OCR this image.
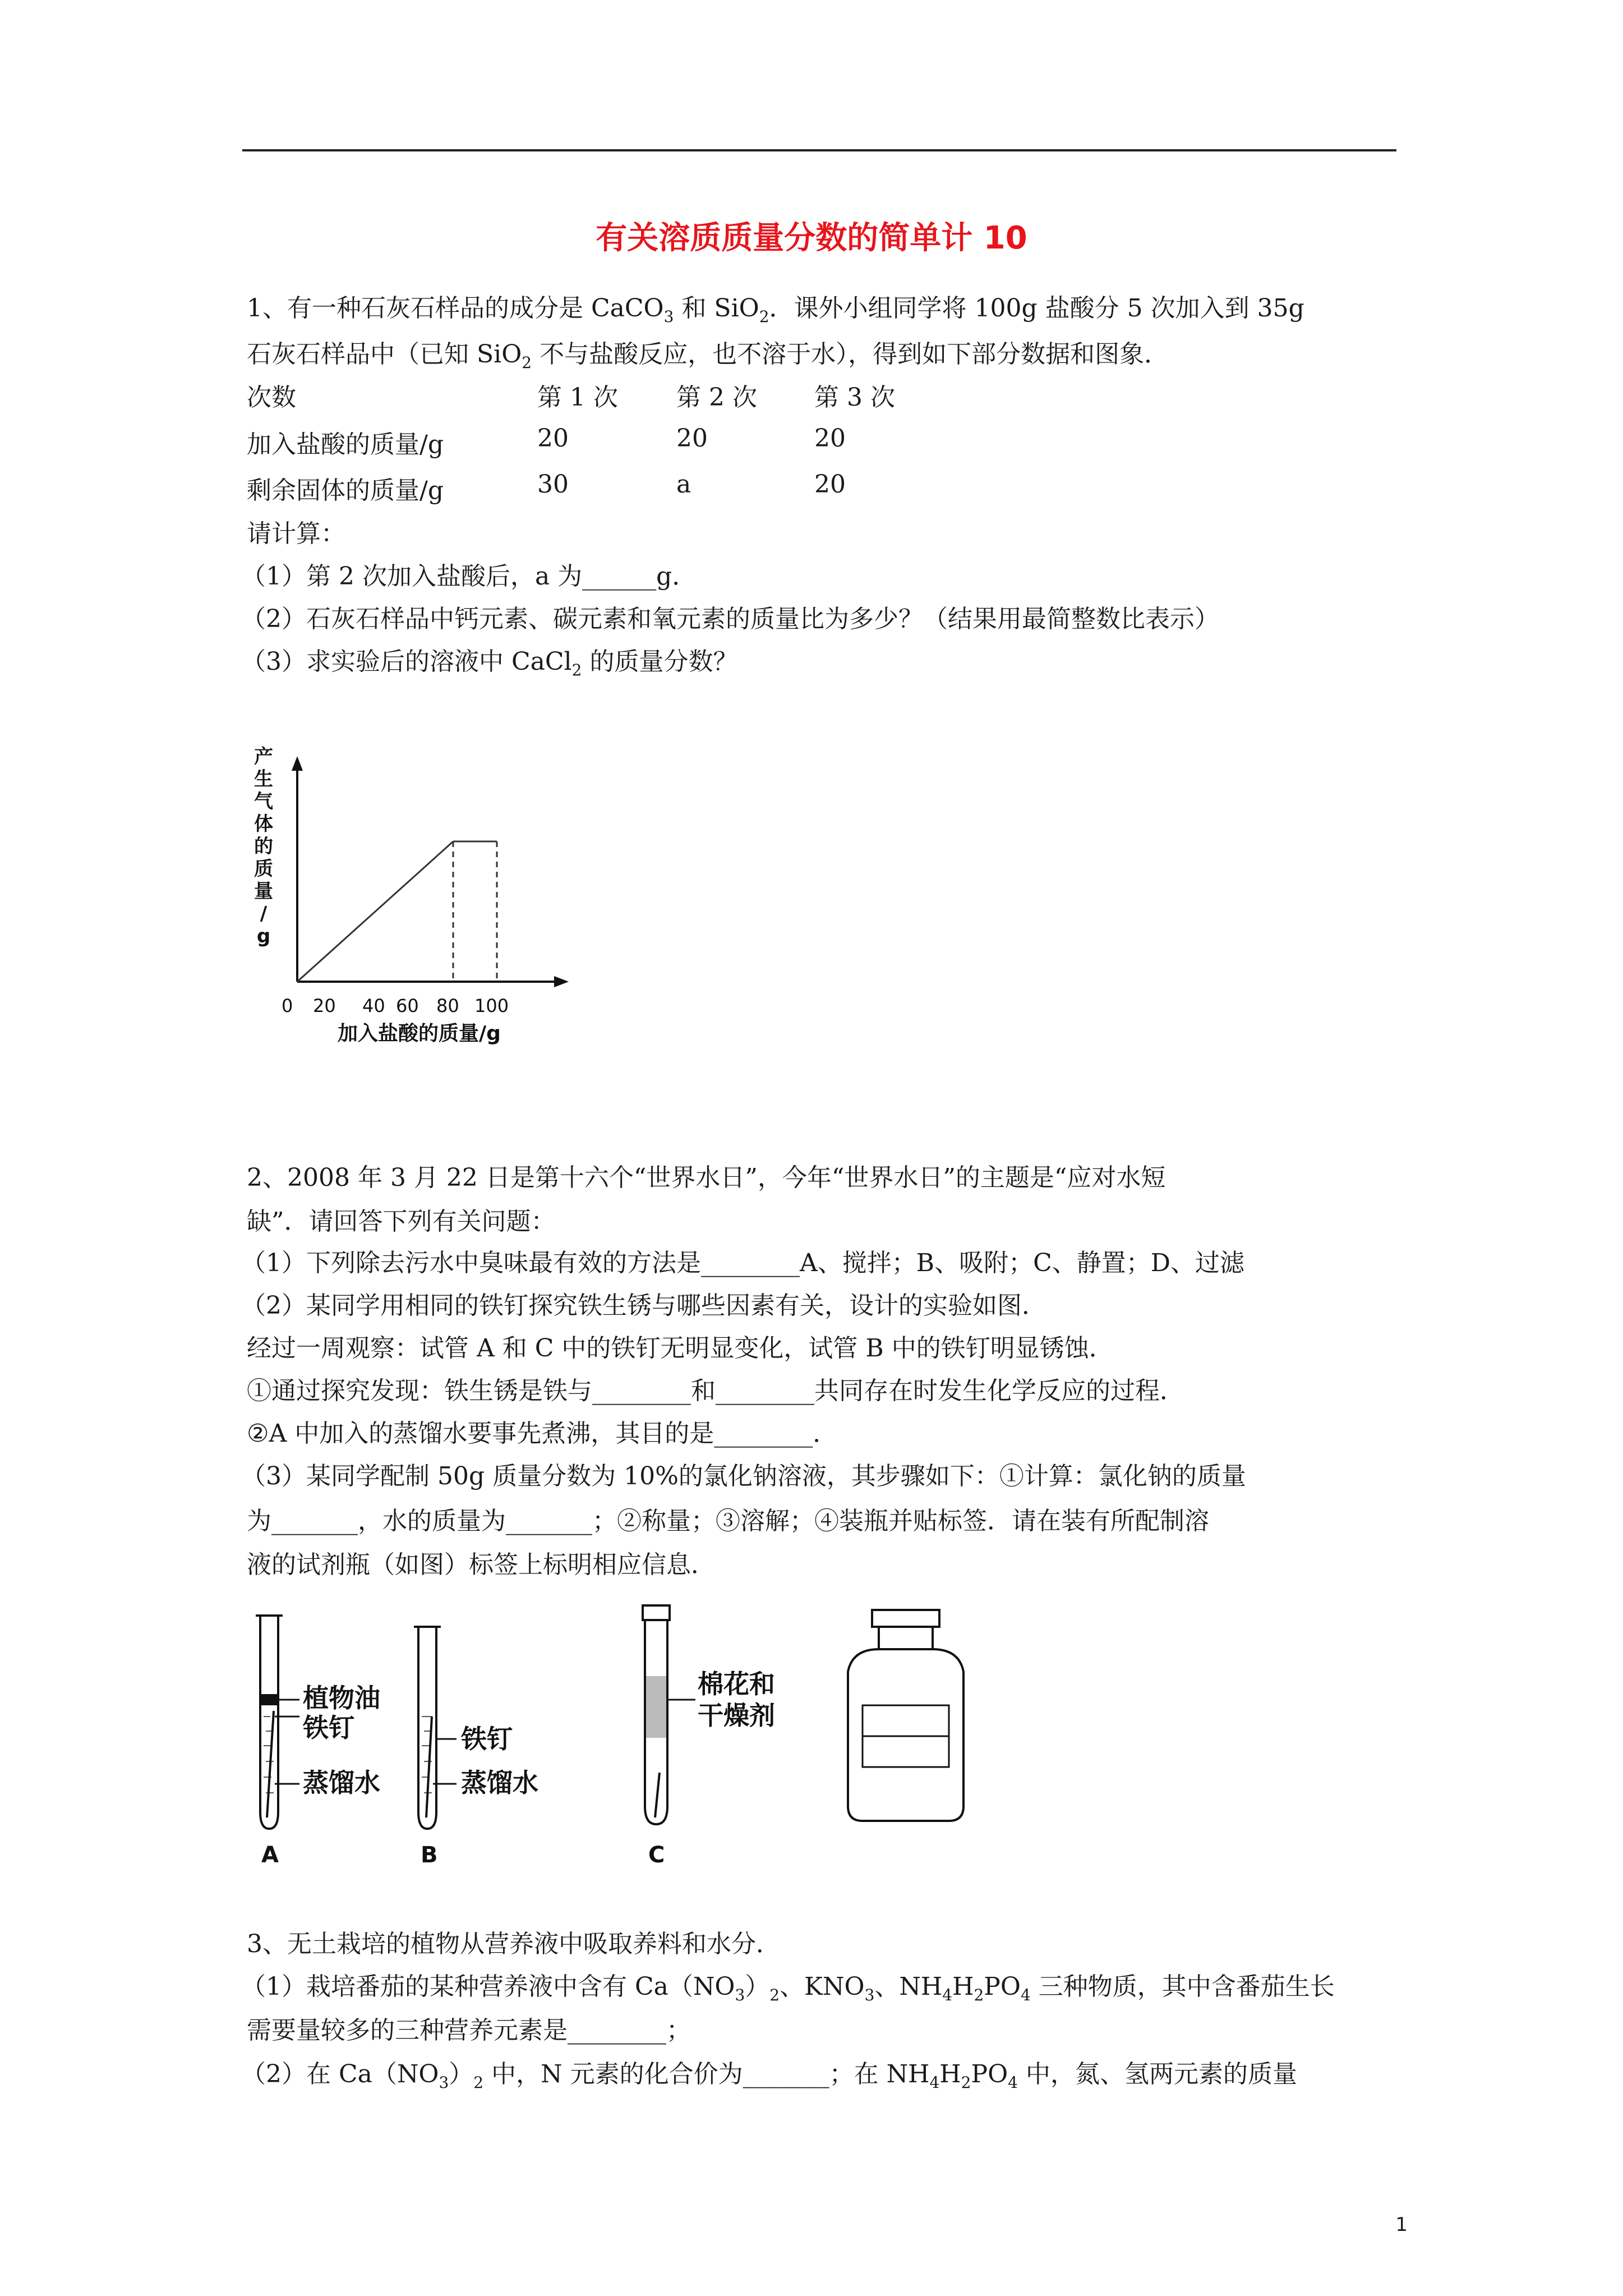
有关溶质质量分数的简单计 10
1、有一种石灰石样品的成分是 CaCO$_3$ 和 SiO$_2$．课外小组同学将 100g 盐酸分 5 次加入到 35g
石灰石样品中（已知 SiO$_2$ 不与盐酸反应，也不溶于水），得到如下部分数据和图象．
次数	第 1 次 第 2 次 第 3 次
加入盐酸的质量/g	20	20	20
剩余固体的质量/g	30	a	20
请计算：
（1）第 2 次加入盐酸后，a 为______g．
（2）石灰石样品中钙元素、碳元素和氧元素的质量比为多少？（结果用最简整数比表示）
（3）求实验后的溶液中 CaCl$_2$ 的质量分数？
产生气体的质量/ g
0 20 40 60 80 100
加入盐酸的质量/g
2、2008 年 3 月 22 日是第十六个“世界水日”，今年“世界水日”的主题是“应对水短
缺”．请回答下列有关问题：
（1）下列除去污水中臭味最有效的方法是________A、搅拌；B、吸附；C、静置；D、过滤
（2）某同学用相同的铁钉探究铁生锈与哪些因素有关，设计的实验如图．
经过一周观察：试管 A 和 C 中的铁钉无明显变化，试管 B 中的铁钉明显锈蚀．
①通过探究发现：铁生锈是铁与________和________共同存在时发生化学反应的过程．
②A 中加入的蒸馏水要事先煮沸，其目的是________．
（3）某同学配制 50g 质量分数为 10%的氯化钠溶液，其步骤如下：①计算：氯化钠的质量
为_______，水的质量为_______；②称量；③溶解；④装瓶并贴标签．请在装有所配制溶
液的试剂瓶（如图）标签上标明相应信息．
植物油
铁钉
蒸馏水
A
铁钉
蒸馏水
B
棉花和
干燥剂
C
3、无土栽培的植物从营养液中吸取养料和水分．
（1）栽培番茄的某种营养液中含有 $Ca(NO_3)_2$、$KNO_3$、$NH_4H_2PO_4$ 三种物质，其中含番茄生长
需要量较多的三种营养元素是________；
（2）在 $Ca(NO_3)_2$ 中，N 元素的化合价为_______；在 $NH_4H_2PO_4$ 中，氮、氢两元素的质量
1
